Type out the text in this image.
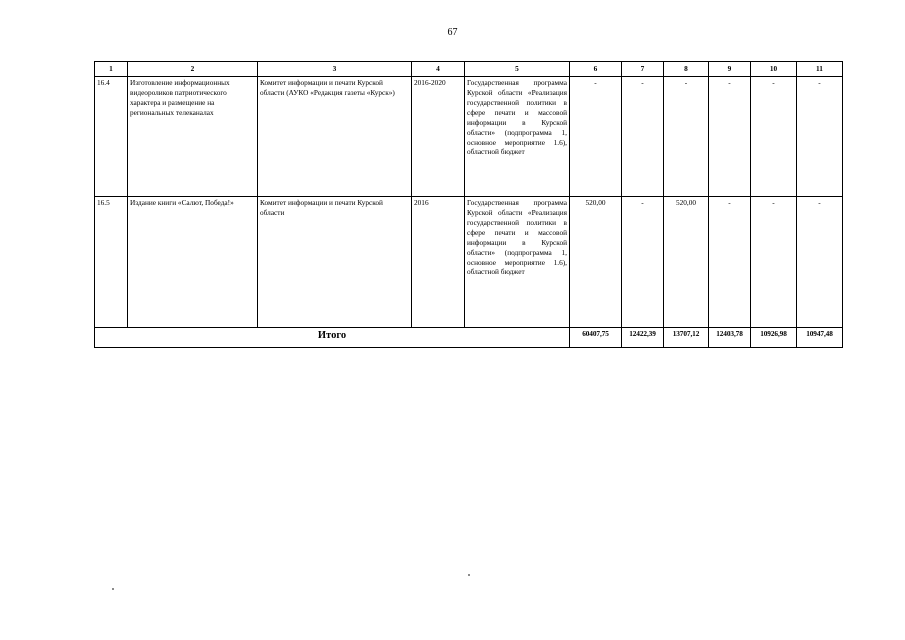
67
1	2	3	4	5	6	7	8	9	10	11
16.4	Изготовление информационных видеороликов патриотического характера и размещение на региональных телеканалах	Комитет информации и печати Курской области (АУКО «Редакция газеты «Курск»)	2016-2020	Государственная программа Курской области «Реализация государственной политики в сфере печати и массовой информации в Курской области» (подпрограмма 1, основное мероприятие 1.6), областной бюджет	-	-	-	-	-	-
16.5	Издание книги «Салют, Победа!»	Комитет информации и печати Курской области	2016	Государственная программа Курской области «Реализация государственной политики в сфере печати и массовой информации в Курской области» (подпрограмма 1, основное мероприятие 1.6), областной бюджет	520,00	-	520,00	-	-	-
Итого					60407,75	12422,39	13707,12	12403,78	10926,98	10947,48
